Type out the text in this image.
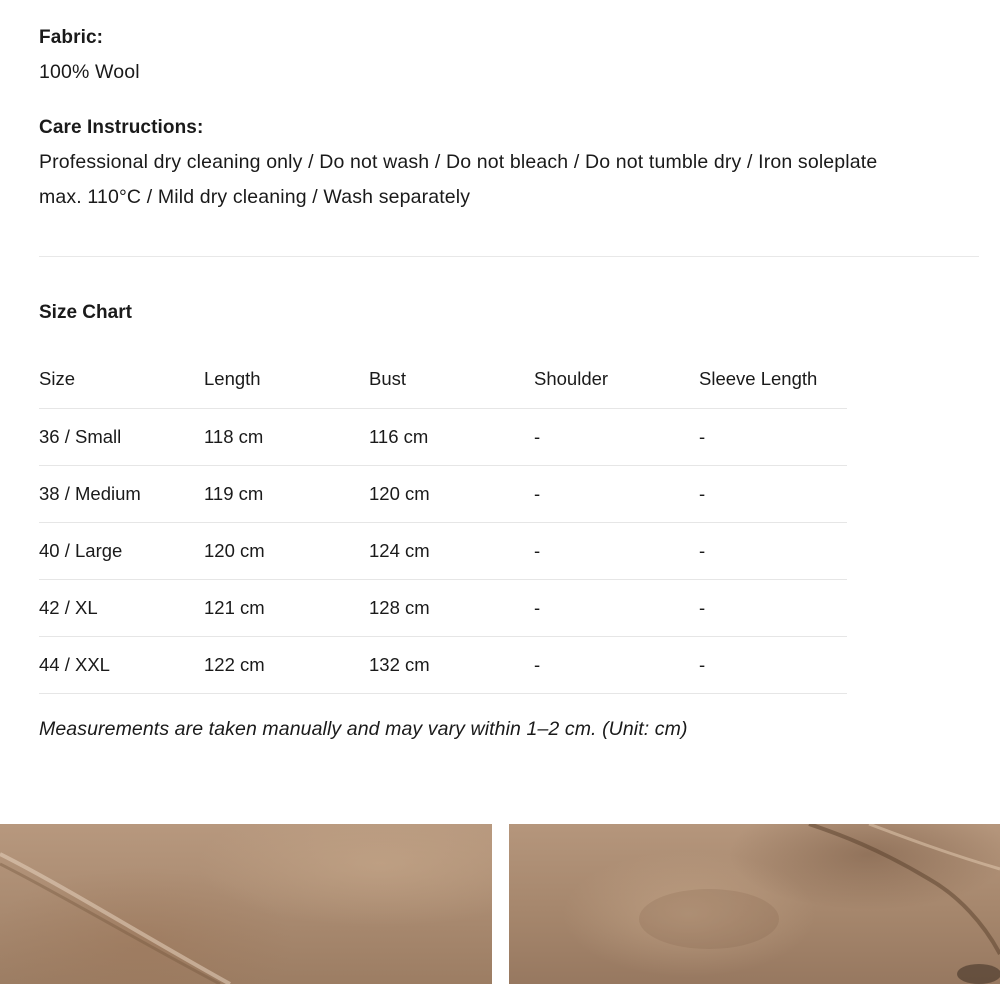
Fabric:
100% Wool
Care Instructions:
Professional dry cleaning only / Do not wash / Do not bleach / Do not tumble dry / Iron soleplate
max. 110°C / Mild dry cleaning / Wash separately
Size Chart
Size	Length	Bust	Shoulder	Sleeve Length
36 / Small	118 cm	116 cm	-	-
38 / Medium	119 cm	120 cm	-	-
40 / Large	120 cm	124 cm	-	-
42 / XL	121 cm	128 cm	-	-
44 / XXL	122 cm	132 cm	-	-
Measurements are taken manually and may vary within 1–2 cm. (Unit: cm)
